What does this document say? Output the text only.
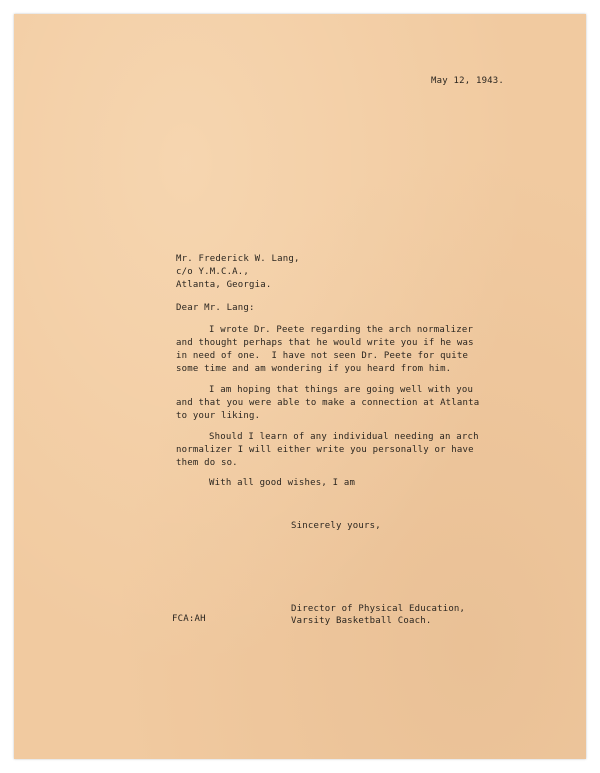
May 12, 1943.
Mr. Frederick W. Lang,
c/o Y.M.C.A.,
Atlanta, Georgia.
Dear Mr. Lang:
I wrote Dr. Peete regarding the arch normalizer
and thought perhaps that he would write you if he was
in need of one.  I have not seen Dr. Peete for quite
some time and am wondering if you heard from him.
I am hoping that things are going well with you
and that you were able to make a connection at Atlanta
to your liking.
Should I learn of any individual needing an arch
normalizer I will either write you personally or have
them do so.
With all good wishes, I am
Sincerely yours,
FCA:AH
Director of Physical Education,
Varsity Basketball Coach.
